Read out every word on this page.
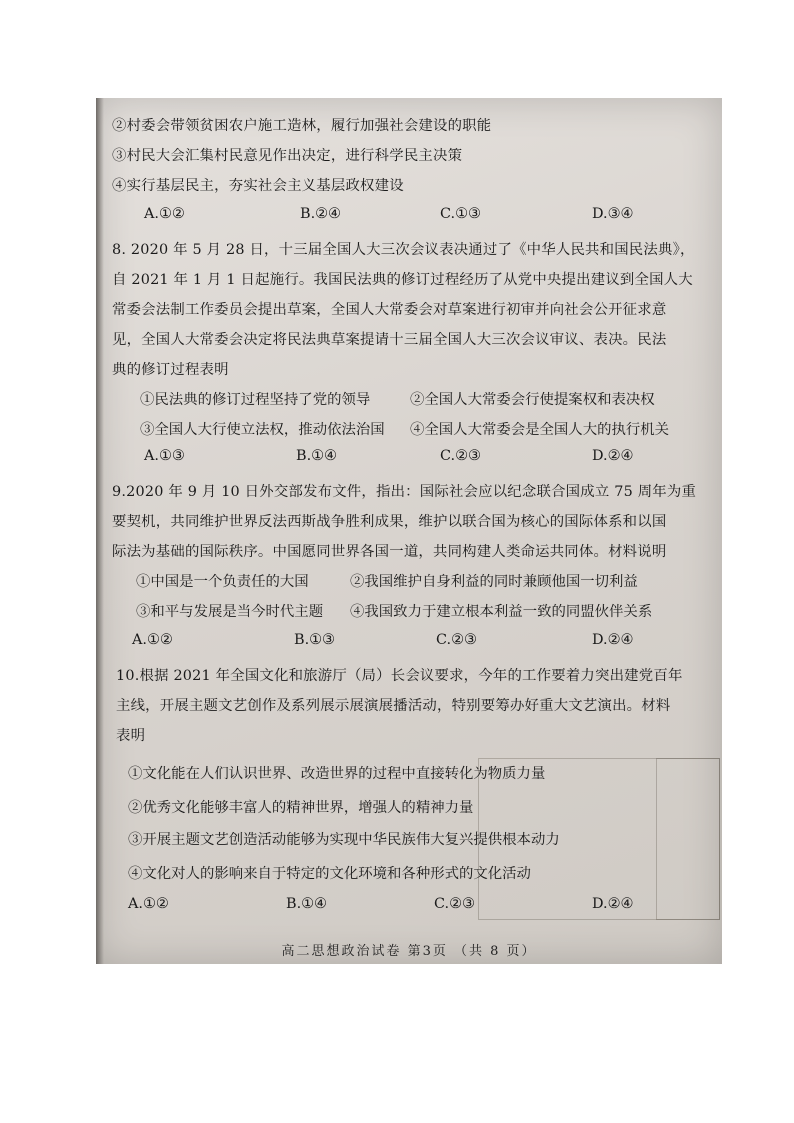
②村委会带领贫困农户施工造林，履行加强社会建设的职能
③村民大会汇集村民意见作出决定，进行科学民主决策
④实行基层民主，夯实社会主义基层政权建设
A.①②	B.②④	C.①③	D.③④
8. 2020 年 5 月 28 日，十三届全国人大三次会议表决通过了《中华人民共和国民法典》，
自 2021 年 1 月 1 日起施行。我国民法典的修订过程经历了从党中央提出建议到全国人大
常委会法制工作委员会提出草案，全国人大常委会对草案进行初审并向社会公开征求意
见，全国人大常委会决定将民法典草案提请十三届全国人大三次会议审议、表决。民法
典的修订过程表明
①民法典的修订过程坚持了党的领导	②全国人大常委会行使提案权和表决权
③全国人大行使立法权，推动依法治国 ④全国人大常委会是全国人大的执行机关
A.①③	B.①④	C.②③	D.②④
9.2020 年 9 月 10 日外交部发布文件，指出：国际社会应以纪念联合国成立 75 周年为重
要契机，共同维护世界反法西斯战争胜利成果，维护以联合国为核心的国际体系和以国
际法为基础的国际秩序。中国愿同世界各国一道，共同构建人类命运共同体。材料说明
①中国是一个负责任的大国	②我国维护自身利益的同时兼顾他国一切利益
③和平与发展是当今时代主题 ④我国致力于建立根本利益一致的同盟伙伴关系
A.①②	B.①③	C.②③	D.②④
10.根据 2021 年全国文化和旅游厅（局）长会议要求，今年的工作要着力突出建党百年
主线，开展主题文艺创作及系列展示展演展播活动，特别要筹办好重大文艺演出。材料
表明
①文化能在人们认识世界、改造世界的过程中直接转化为物质力量
②优秀文化能够丰富人的精神世界，增强人的精神力量
③开展主题文艺创造活动能够为实现中华民族伟大复兴提供根本动力
④文化对人的影响来自于特定的文化环境和各种形式的文化活动
A.①②	B.①④	C.②③	D.②④
高二思想政治试卷 第3页 （共 8 页）
